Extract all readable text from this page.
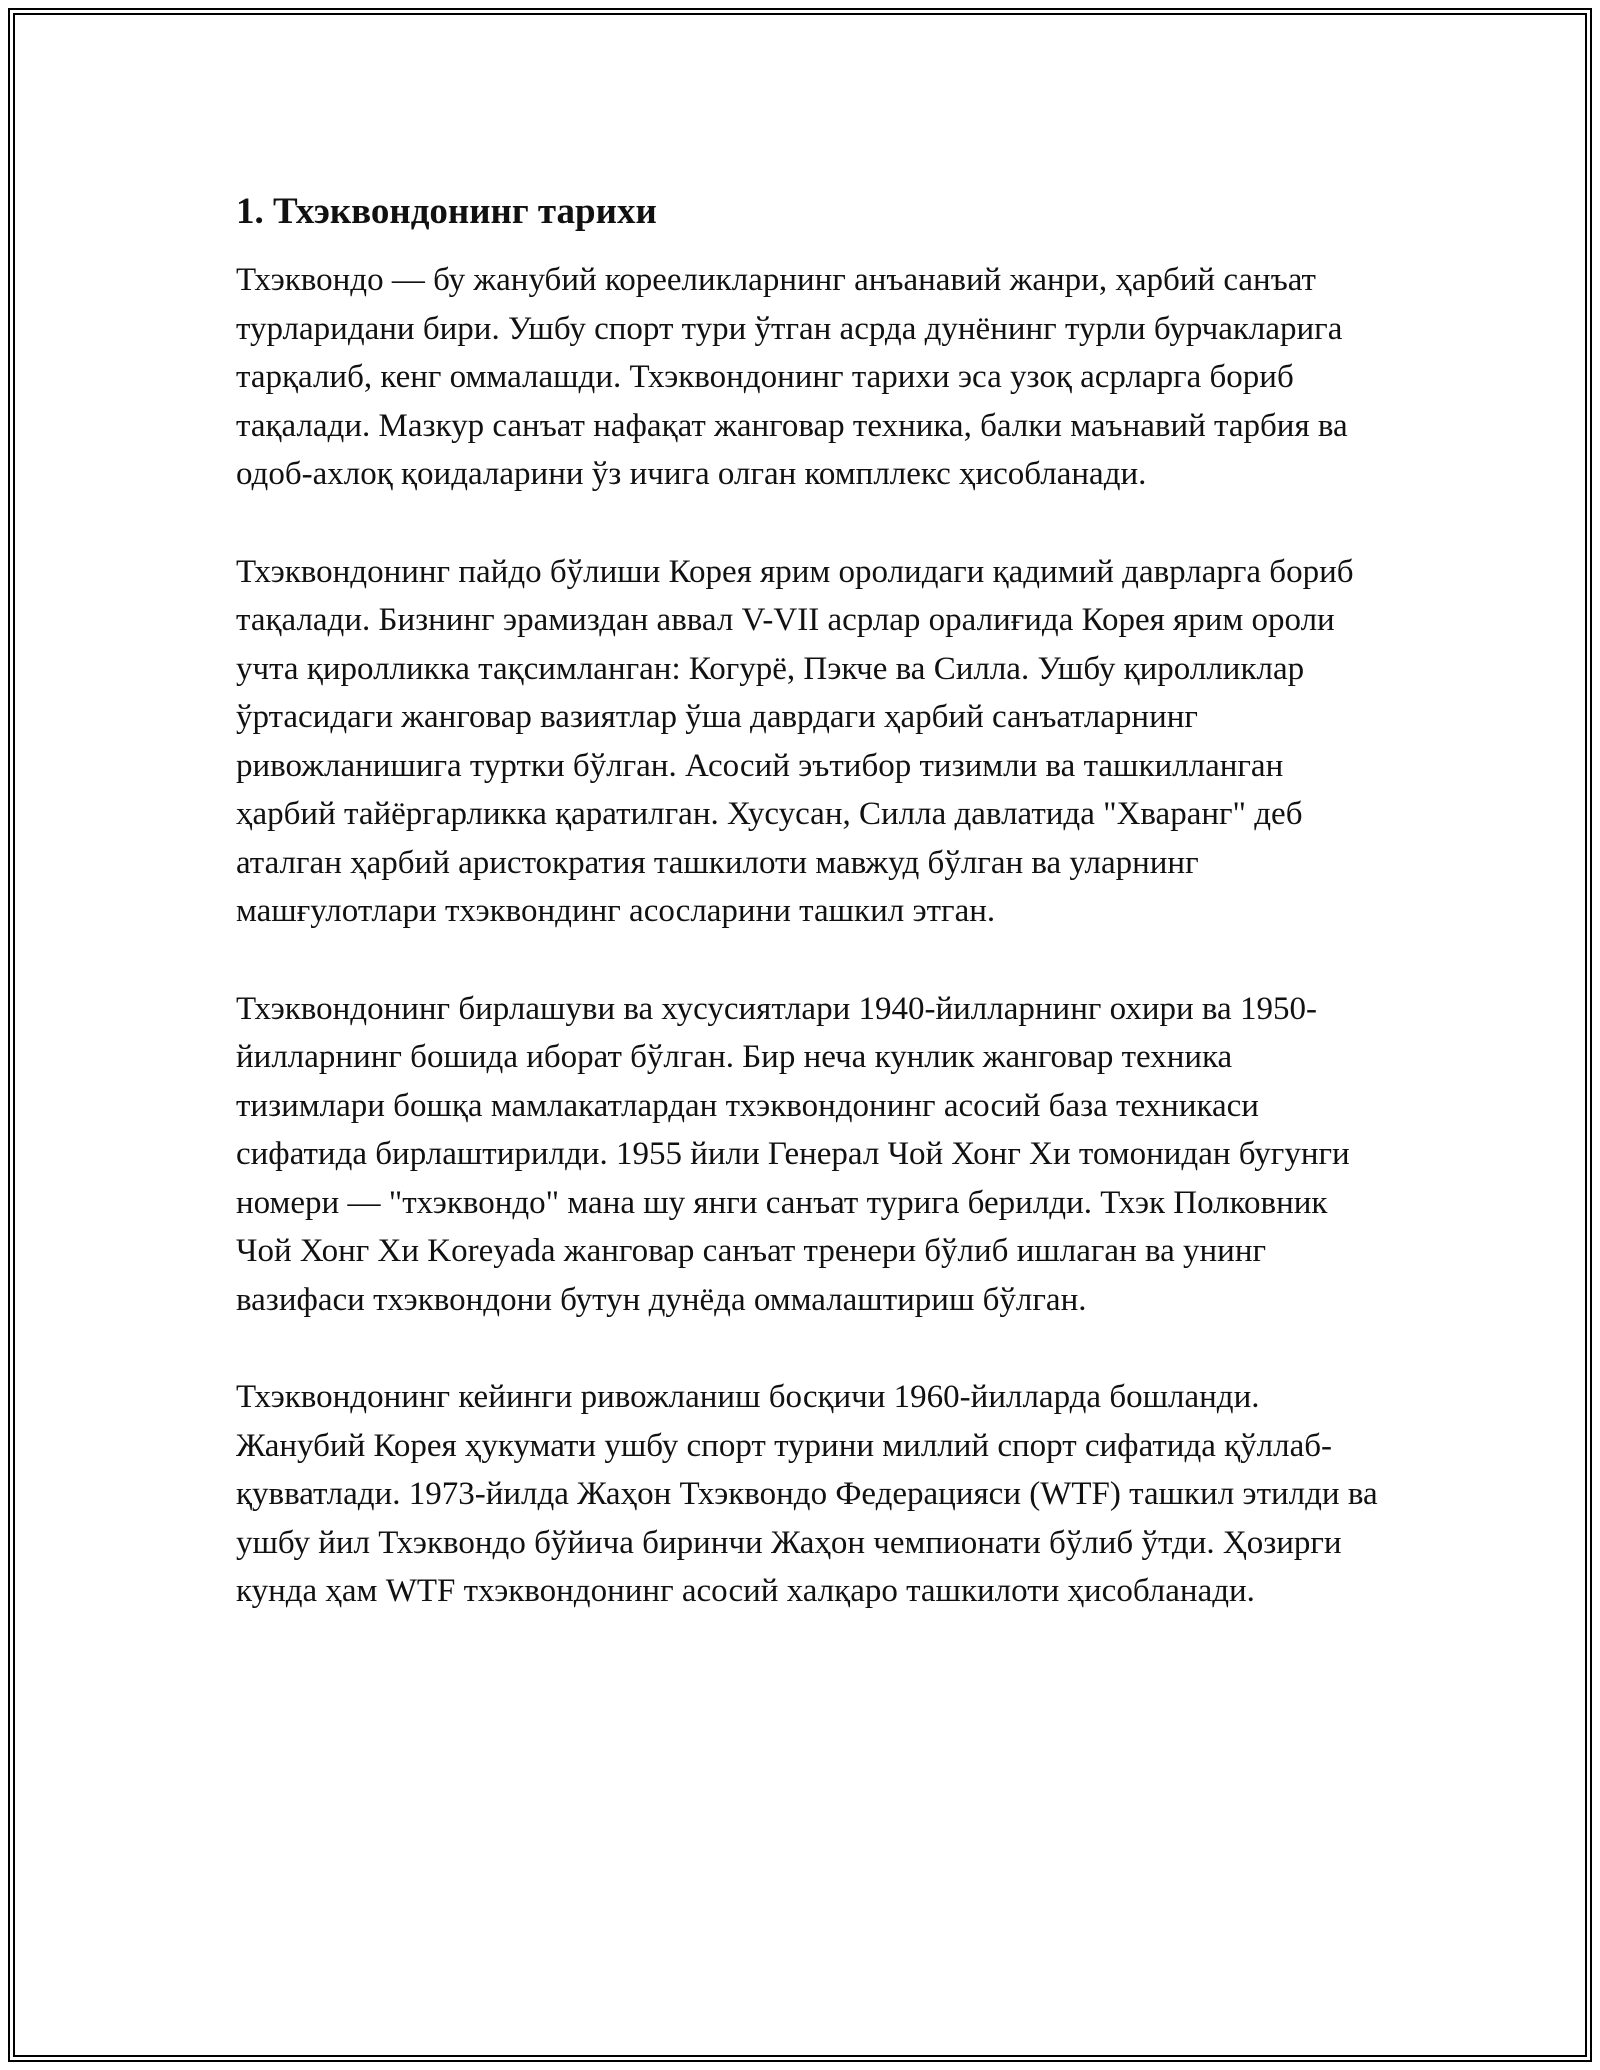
1. Тхэквондонинг тарихи

Тхэквондо — бу жанубий корееликларнинг анъанавий жанри, ҳарбий санъат турларидани бири. Ушбу спорт тури ўтган асрда дунёнинг турли бурчакларига тарқалиб, кенг оммалашди. Тхэквондонинг тарихи эса узоқ асрларга бориб тақалади. Мазкур санъат нафақат жанговар техника, балки маънавий тарбия ва одоб-ахлоқ қоидаларини ўз ичига олган компллекс ҳисобланади.

Тхэквондонинг пайдо бўлиши Корея ярим оролидаги қадимий даврларга бориб тақалади. Бизнинг эрамиздан аввал V-VII асрлар оралиғида Корея ярим ороли учта қиролликка тақсимланган: Когурё, Пэкче ва Силла. Ушбу қиролликлар ўртасидаги жанговар вазиятлар ўша даврдаги ҳарбий санъатларнинг ривожланишига туртки бўлган. Асосий эътибор тизимли ва ташкилланган ҳарбий тайёргарликка қаратилган. Хусусан, Силла давлатида "Хваранг" деб аталган ҳарбий аристократия ташкилоти мавжуд бўлган ва уларнинг машғулотлари тхэквондинг асосларини ташкил этган.

Тхэквондонинг бирлашуви ва хусусиятлари 1940-йилларнинг охири ва 1950-йилларнинг бошида иборат бўлган. Бир неча кунлик жанговар техника тизимлари бошқа мамлакатлардан тхэквондонинг асосий база техникаси сифатида бирлаштирилди. 1955 йили Генерал Чой Хонг Хи томонидан бугунги номери — "тхэквондо" мана шу янги санъат турига берилди. Тхэк Полковник Чой Хонг Хи Koreyada жанговар санъат тренери бўлиб ишлаган ва унинг вазифаси тхэквондони бутун дунёда оммалаштириш бўлган.

Тхэквондонинг кейинги ривожланиш босқичи 1960-йилларда бошланди. Жанубий Корея ҳукумати ушбу спорт турини миллий спорт сифатида қўллаб-қувватлади. 1973-йилда Жаҳон Тхэквондо Федерацияси (WTF) ташкил этилди ва ушбу йил Тхэквондо бўйича биринчи Жаҳон чемпионати бўлиб ўтди. Ҳозирги кунда ҳам WTF тхэквондонинг асосий халқаро ташкилоти ҳисобланади.
